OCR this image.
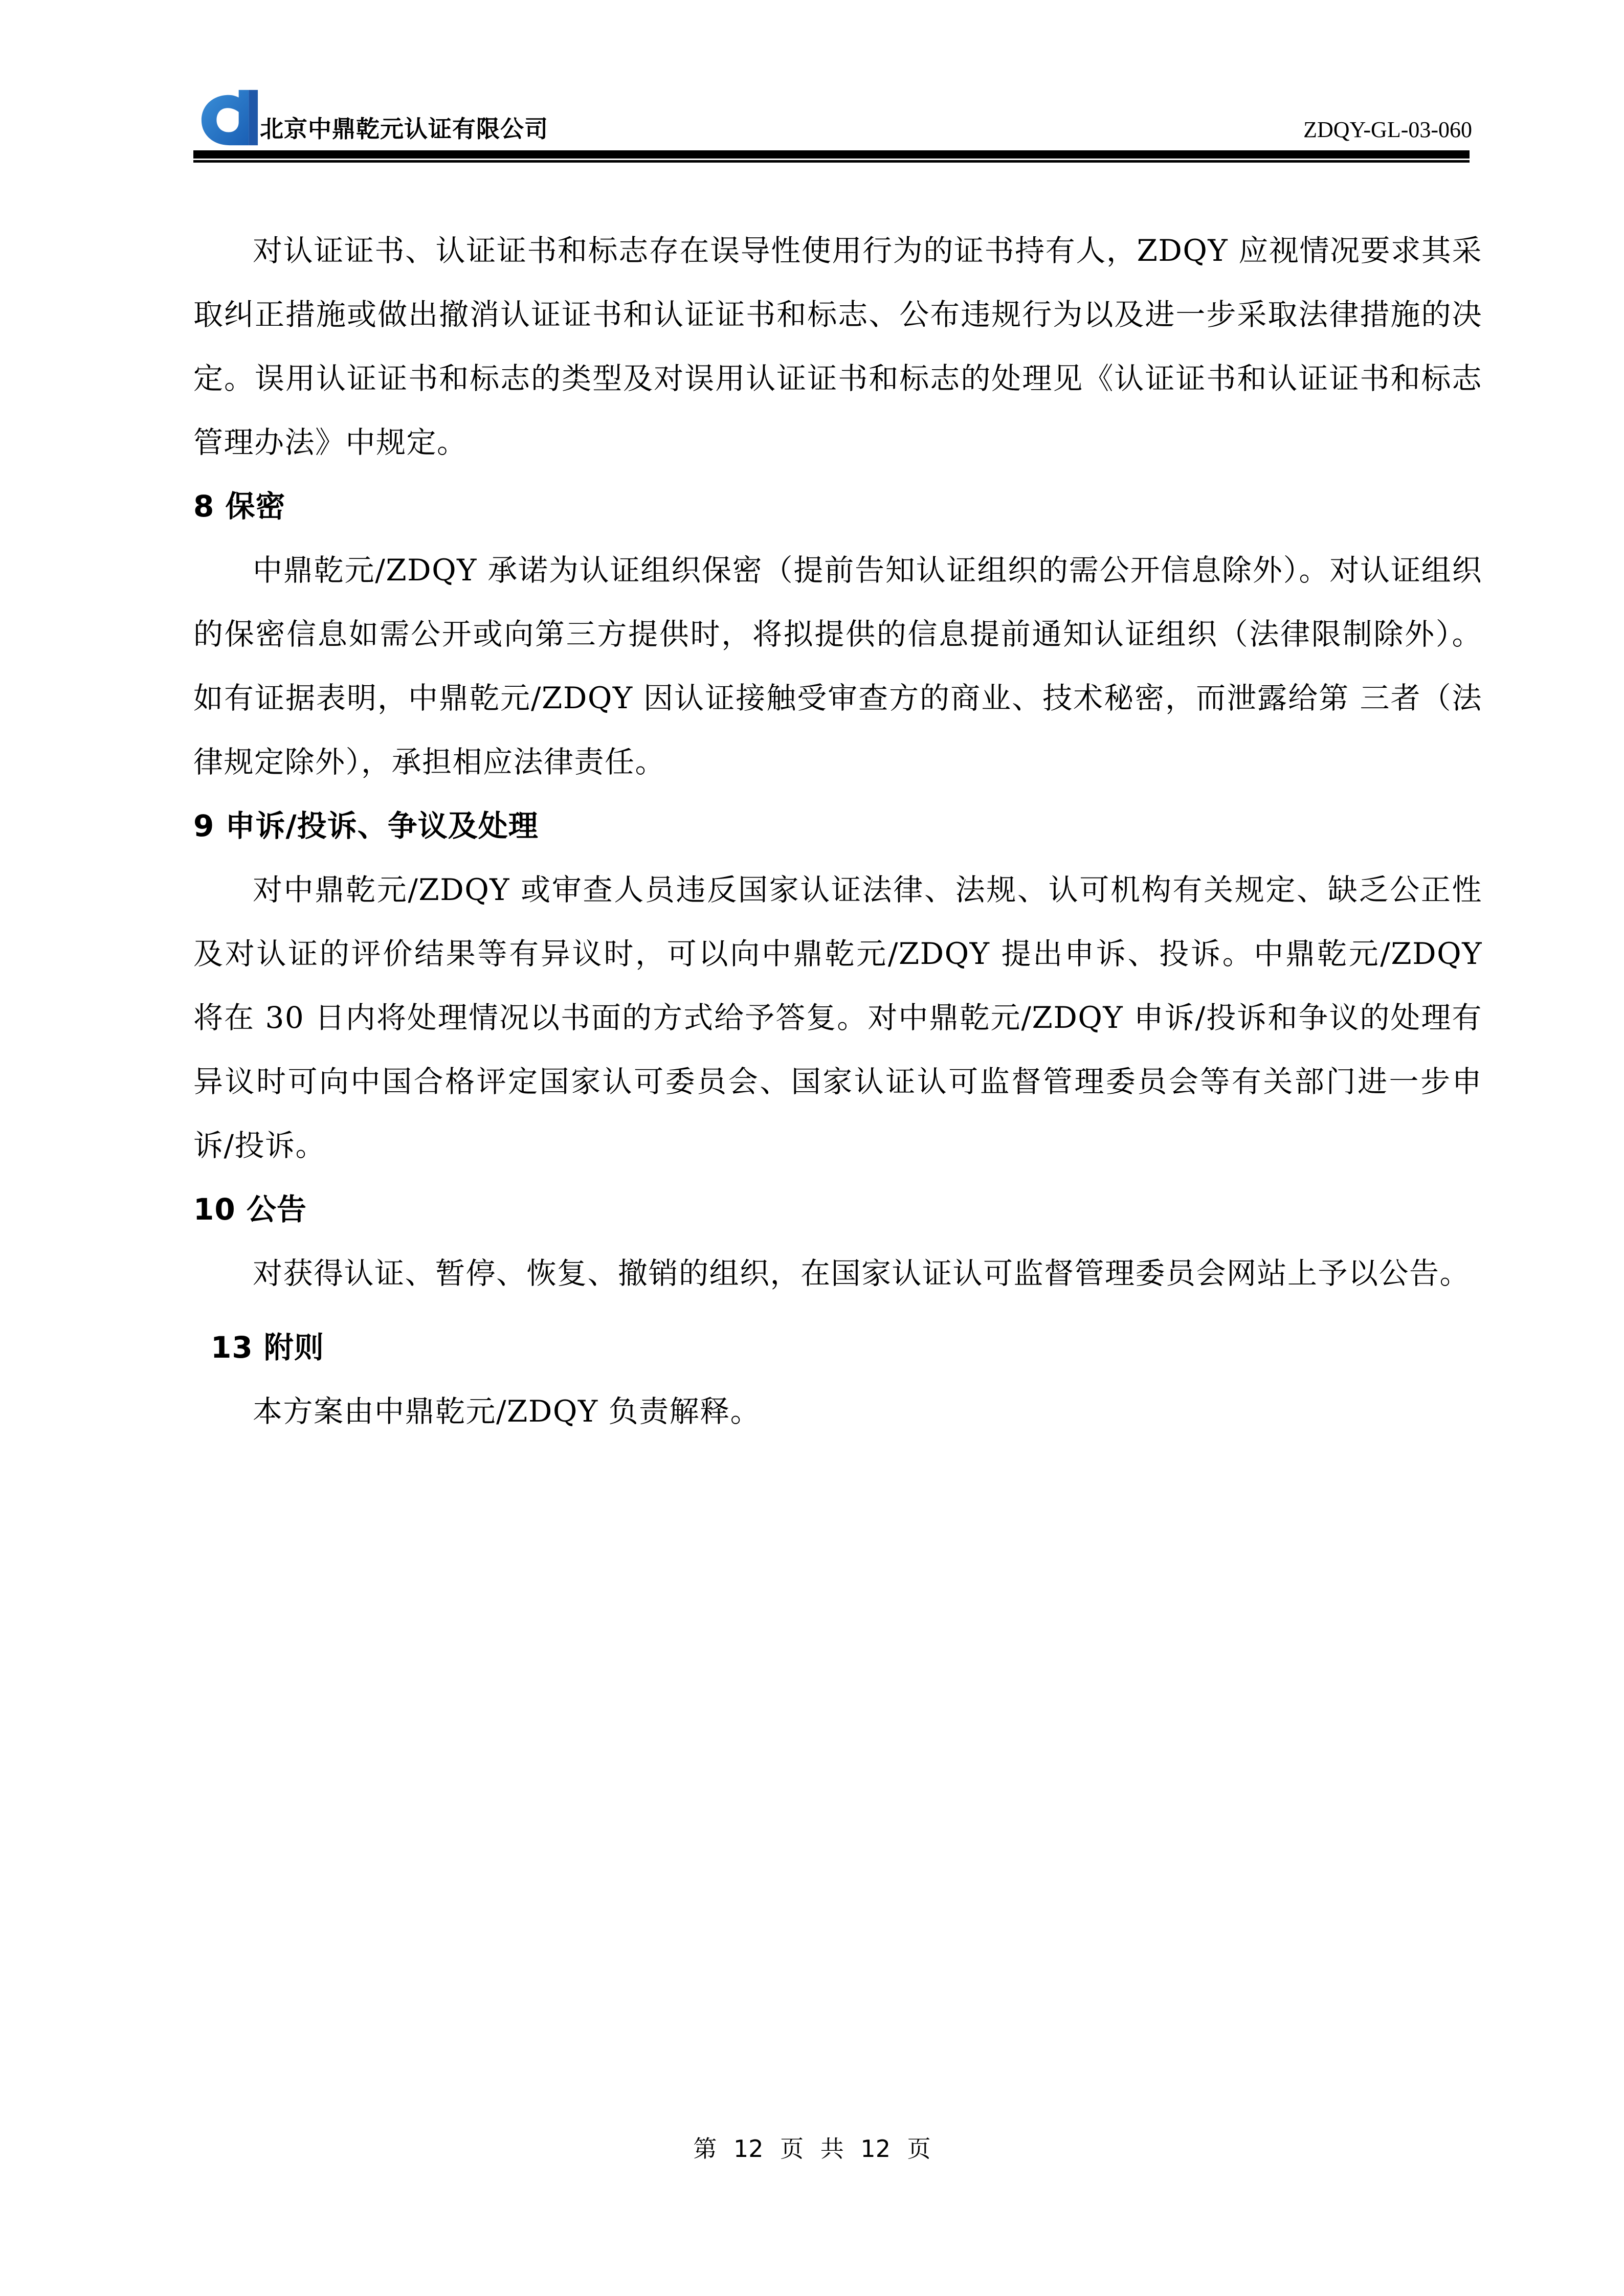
北京中鼎乾元认证有限公司	ZDQY-GL-03-060

对认证证书、认证证书和标志存在误导性使用行为的证书持有人，ZDQY 应视情况要求其采取纠正措施或做出撤消认证证书和认证证书和标志、公布违规行为以及进一步采取法律措施的决定。误用认证证书和标志的类型及对误用认证证书和标志的处理见《认证证书和认证证书和标志管理办法》中规定。

8 保密

中鼎乾元/ZDQY 承诺为认证组织保密（提前告知认证组织的需公开信息除外）。对认证组织的保密信息如需公开或向第三方提供时，将拟提供的信息提前通知认证组织（法律限制除外）。 如有证据表明，中鼎乾元/ZDQY 因认证接触受审查方的商业、技术秘密，而泄露给第 三者（法律规定除外），承担相应法律责任。

9 申诉/投诉、争议及处理

对中鼎乾元/ZDQY 或审查人员违反国家认证法律、法规、认可机构有关规定、缺乏公正性及对认证的评价结果等有异议时，可以向中鼎乾元/ZDQY 提出申诉、投诉。中鼎乾元/ZDQY 将在 30 日内将处理情况以书面的方式给予答复。对中鼎乾元/ZDQY 申诉/投诉和争议的处理有异议时可向中国合格评定国家认可委员会、国家认证认可监督管理委员会等有关部门进一步申诉/投诉。

10 公告

对获得认证、暂停、恢复、撤销的组织，在国家认证认可监督管理委员会网站上予以公告。

13 附则

本方案由中鼎乾元/ZDQY 负责解释。

第 12 页 共 12 页
